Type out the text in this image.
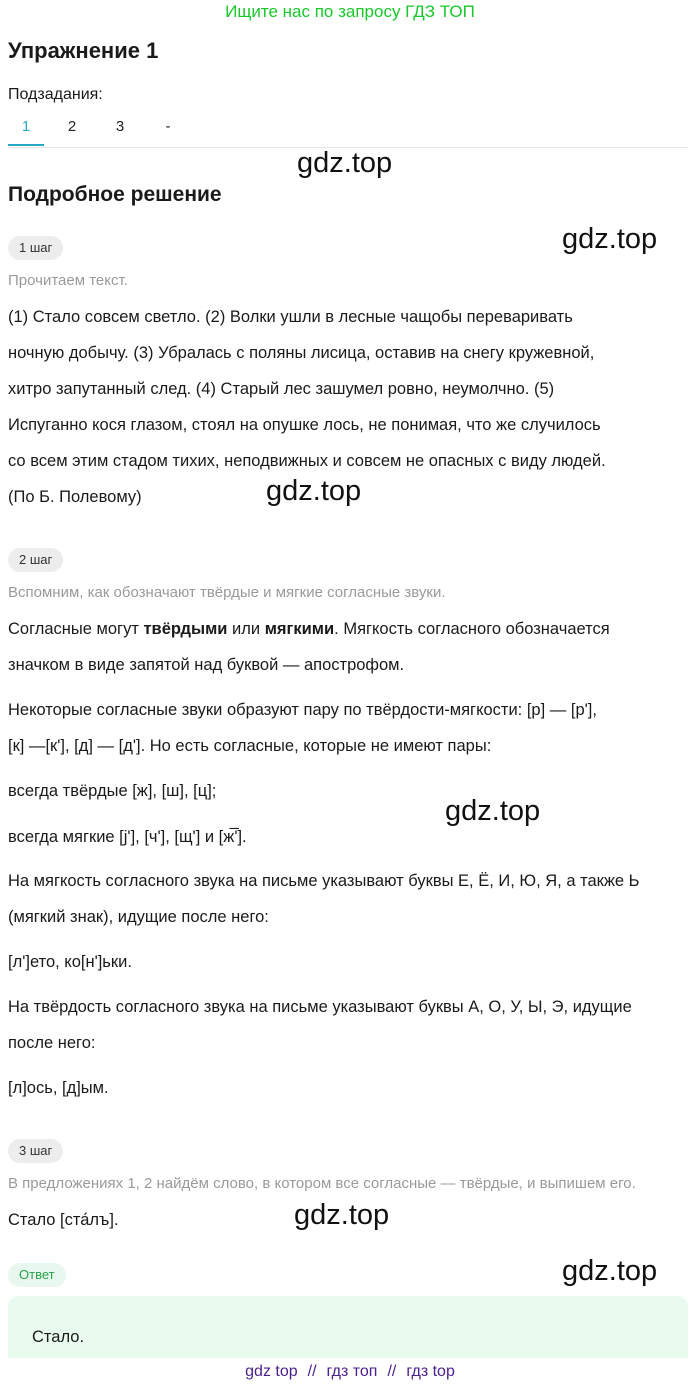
Ищите нас по запросу ГДЗ ТОП
Упражнение 1
Подзадания:
1	2	3	-
gdz.top
Подробное решение
gdz.top
1 шаг
Прочитаем текст.
(1) Стало совсем светло. (2) Волки ушли в лесные чащобы переваривать
ночную добычу. (3) Убралась с поляны лисица, оставив на снегу кружевной,
хитро запутанный след. (4) Старый лес зашумел ровно, неумолчно. (5)
Испуганно кося глазом, стоял на опушке лось, не понимая, что же случилось
со всем этим стадом тихих, неподвижных и совсем не опасных с виду людей.
(По Б. Полевому)	gdz.top
2 шаг
Вспомним, как обозначают твёрдые и мягкие согласные звуки.
Согласные могут твёрдыми или мягкими. Мягкость согласного обозначается
значком в виде запятой над буквой — апострофом.
Некоторые согласные звуки образуют пару по твёрдости-мягкости: [р] — [р'],
[к] —[к'], [д] — [д']. Но есть согласные, которые не имеют пары:
всегда твёрдые [ж], [ш], [ц];
всегда мягкие [j'], [ч'], [щ'] и [ж̅'].
gdz.top
На мягкость согласного звука на письме указывают буквы Е, Ё, И, Ю, Я, а также Ь
(мягкий знак), идущие после него:
[л']ето, ко[н']ьки.
На твёрдость согласного звука на письме указывают буквы А, О, У, Ы, Э, идущие
после него:
[л]ось, [д]ым.
3 шаг
В предложениях 1, 2 найдём слово, в котором все согласные — твёрдые, и выпишем его.
Стало [ста́лъ].	gdz.top
Ответ	gdz.top
Стало.
gdz top // гдз топ // гдз top
